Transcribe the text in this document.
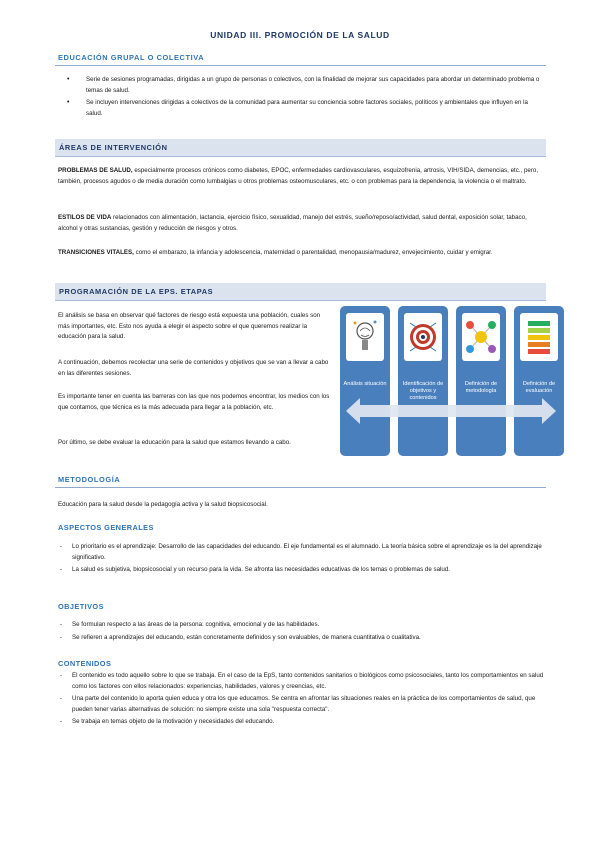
UNIDAD III. PROMOCIÓN DE LA SALUD
EDUCACIÓN GRUPAL O COLECTIVA
•	Serie de sesiones programadas, dirigidas a un grupo de personas o colectivos, con la finalidad de mejorar sus capacidades para abordar un determinado problema o temas de salud.
•	Se incluyen intervenciones dirigidas a colectivos de la comunidad para aumentar su conciencia sobre factores sociales, políticos y ambientales que influyen en la salud.
ÁREAS DE INTERVENCIÓN
PROBLEMAS DE SALUD, especialmente procesos crónicos como diabetes, EPOC, enfermedades cardiovasculares, esquizofrenia, artrosis, VIH/SIDA, demencias, etc., pero, también, procesos agudos o de media duración como lumbalgias u otros problemas osteomusculares, etc. o con problemas para la dependencia, la violencia o el maltrato.
ESTILOS DE VIDA relacionados con alimentación, lactancia, ejercicio físico, sexualidad, manejo del estrés, sueño/reposo/actividad, salud dental, exposición solar, tabaco, alcohol y otras sustancias, gestión y reducción de riesgos y otros.
TRANSICIONES VITALES, como el embarazo, la infancia y adolescencia, maternidad o parentalidad, menopausia/madurez, envejecimiento, cuidar y emigrar.
PROGRAMACIÓN DE LA EPS. ETAPAS
El análisis se basa en observar qué factores de riesgo está expuesta una población, cuales son más importantes, etc. Esto nos ayuda a elegir el aspecto sobre el que queremos realizar la educación para la salud.
A continuación, debemos recolectar una serie de contenidos y objetivos que se van a llevar a cabo en las diferentes sesiones.
Es importante tener en cuenta las barreras con las que nos podemos encontrar, los medios con los que contamos, que técnica es la más adecuada para llegar a la población, etc.
Por último, se debe evaluar la educación para la salud que estamos llevando a cabo.
Análisis situación	Identificación de objetivos y contenidos
Definición de metodología
Definición de evaluación
METODOLOGÍA
Educación para la salud desde la pedagogía activa y la salud biopsicosocial.
ASPECTOS GENERALES
- Lo prioritario es el aprendizaje: Desarrollo de las capacidades del educando. El eje fundamental es el alumnado. La teoría básica sobre el aprendizaje es la del aprendizaje significativo.
- La salud es subjetiva, biopsicosocial y un recurso para la vida. Se afronta las necesidades educativas de los temas o problemas de salud.
OBJETIVOS
- Se formulan respecto a las áreas de la persona: cognitiva, emocional y de las habilidades.
- Se refieren a aprendizajes del educando, están concretamente definidos y son evaluables, de manera cuantitativa o cualitativa.
CONTENIDOS
- El contenido es todo aquello sobre lo que se trabaja. En el caso de la EpS, tanto contenidos sanitarios o biológicos como psicosociales, tanto los comportamientos en salud como los factores con ellos relacionados: experiencias, habilidades, valores y creencias, etc.
- Una parte del contenido lo aporta quien educa y otra los que educamos. Se centra en afrontar las situaciones reales en la práctica de los comportamientos de salud, que pueden tener varias alternativas de solución: no siempre existe una sola "respuesta correcta".
- Se trabaja en temas objeto de la motivación y necesidades del educando.
